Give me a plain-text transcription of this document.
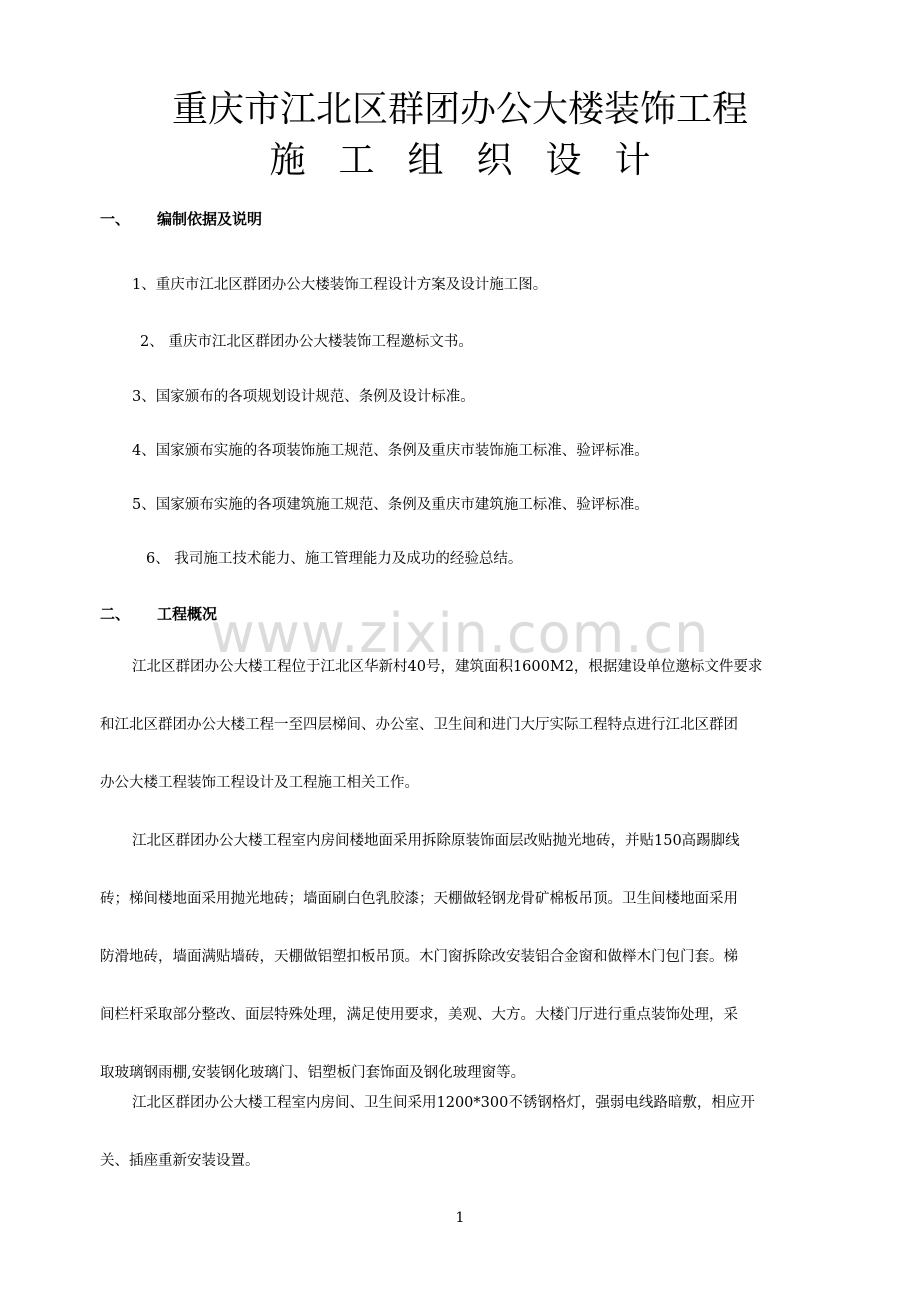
www.zixin.com.cn
重庆市江北区群团办公大楼装饰工程
施工组织设计
一、 编制依据及说明
1、重庆市江北区群团办公大楼装饰工程设计方案及设计施工图。
2、 重庆市江北区群团办公大楼装饰工程邀标文书。
3、国家颁布的各项规划设计规范、条例及设计标准。
4、国家颁布实施的各项装饰施工规范、条例及重庆市装饰施工标准、验评标准。
5、国家颁布实施的各项建筑施工规范、条例及重庆市建筑施工标准、验评标准。
6、 我司施工技术能力、施工管理能力及成功的经验总结。
二、 工程概况
江北区群团办公大楼工程位于江北区华新村40号，建筑面积1600M2，根据建设单位邀标文件要求
和江北区群团办公大楼工程一至四层梯间、办公室、卫生间和进门大厅实际工程特点进行江北区群团
办公大楼工程装饰工程设计及工程施工相关工作。
江北区群团办公大楼工程室内房间楼地面采用拆除原装饰面层改贴抛光地砖，并贴150高踢脚线
砖；梯间楼地面采用抛光地砖；墙面刷白色乳胶漆；天棚做轻钢龙骨矿棉板吊顶。卫生间楼地面采用
防滑地砖，墙面满贴墙砖，天棚做铝塑扣板吊顶。木门窗拆除改安装铝合金窗和做榉木门包门套。梯
间栏杆采取部分整改、面层特殊处理，满足使用要求，美观、大方。大楼门厅进行重点装饰处理，采
取玻璃钢雨棚,安装钢化玻璃门、铝塑板门套饰面及钢化玻理窗等。
江北区群团办公大楼工程室内房间、卫生间采用1200*300不锈钢格灯，强弱电线路暗敷，相应开
关、插座重新安装设置。
1
